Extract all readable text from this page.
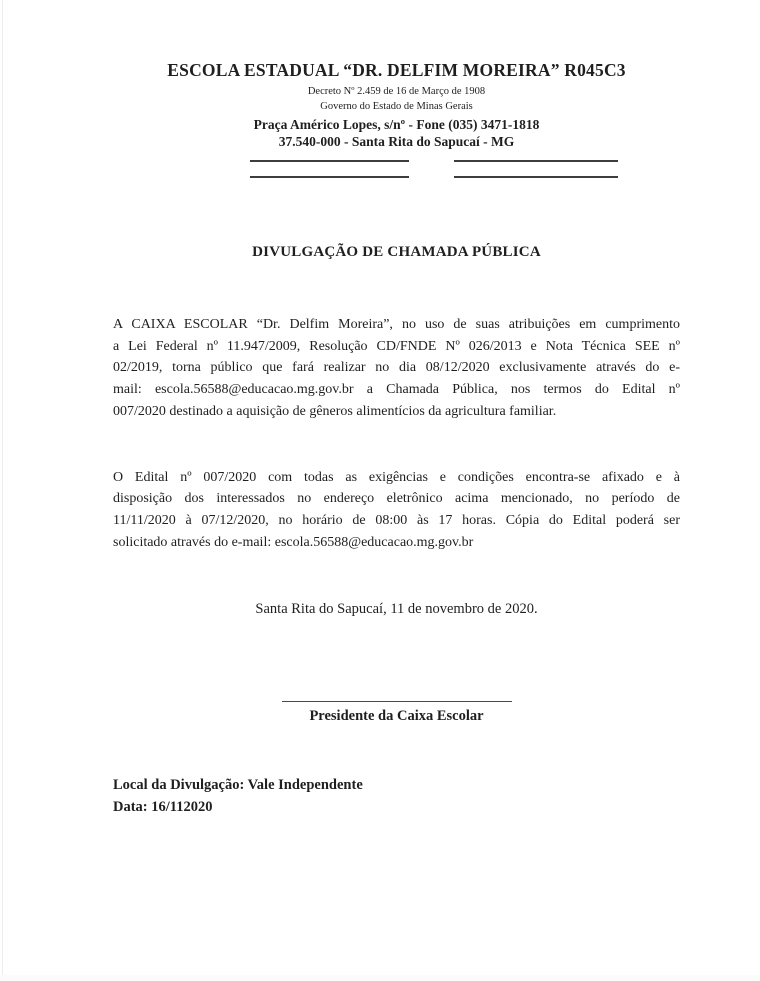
ESCOLA ESTADUAL “DR. DELFIM MOREIRA” R045C3
Decreto Nº 2.459 de 16 de Março de 1908
Governo do Estado de Minas Gerais
Praça Américo Lopes, s/nº - Fone (035) 3471-1818
37.540-000 - Santa Rita do Sapucaí - MG
DIVULGAÇÃO DE CHAMADA PÚBLICA
A CAIXA ESCOLAR “Dr. Delfim Moreira”, no uso de suas atribuições em cumprimento
a Lei Federal nº 11.947/2009, Resolução CD/FNDE Nº 026/2013 e Nota Técnica SEE nº
02/2019, torna público que fará realizar no dia 08/12/2020 exclusivamente através do e-
mail: escola.56588@educacao.mg.gov.br a Chamada Pública, nos termos do Edital nº
007/2020 destinado a aquisição de gêneros alimentícios da agricultura familiar.
O Edital nº 007/2020 com todas as exigências e condições encontra-se afixado e à
disposição dos interessados no endereço eletrônico acima mencionado, no período de
11/11/2020 à 07/12/2020, no horário de 08:00 às 17 horas. Cópia do Edital poderá ser
solicitado através do e-mail: escola.56588@educacao.mg.gov.br
Santa Rita do Sapucaí, 11 de novembro de 2020.
Presidente da Caixa Escolar
Local da Divulgação: Vale Independente
Data: 16/112020
